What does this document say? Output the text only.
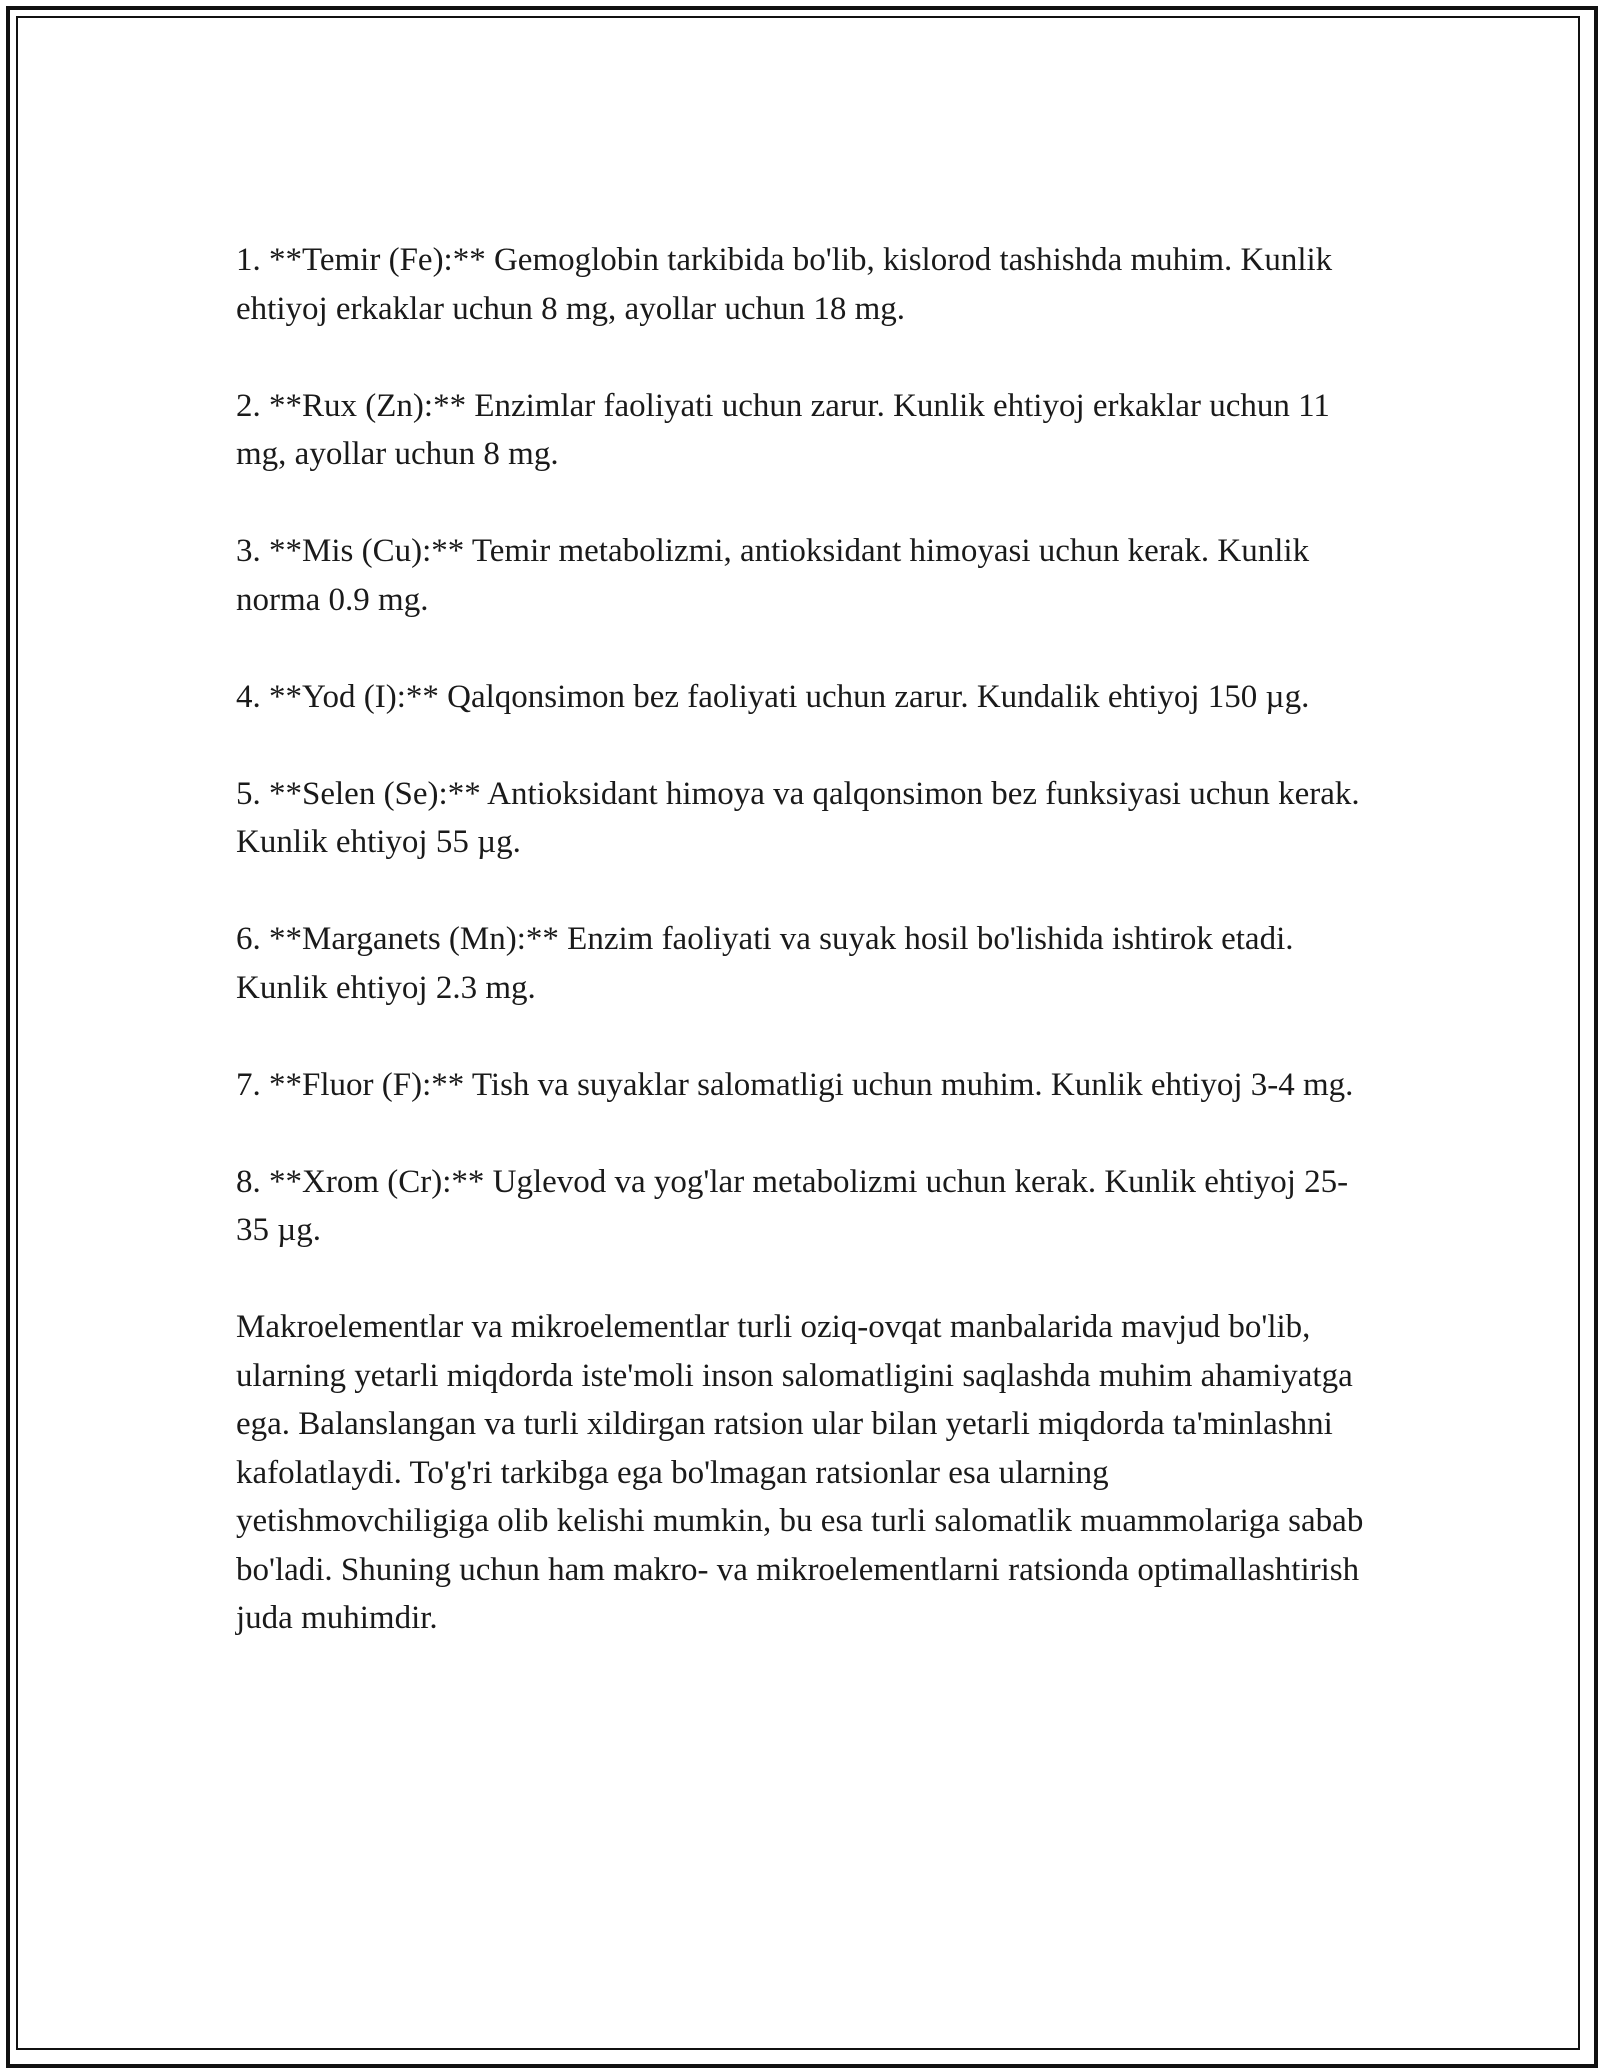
1. **Temir (Fe):** Gemoglobin tarkibida bo'lib, kislorod tashishda muhim. Kunlik ehtiyoj erkaklar uchun 8 mg, ayollar uchun 18 mg.

2. **Rux (Zn):** Enzimlar faoliyati uchun zarur. Kunlik ehtiyoj erkaklar uchun 11 mg, ayollar uchun 8 mg.

3. **Mis (Cu):** Temir metabolizmi, antioksidant himoyasi uchun kerak. Kunlik norma 0.9 mg.

4. **Yod (I):** Qalqonsimon bez faoliyati uchun zarur. Kundalik ehtiyoj 150 µg.

5. **Selen (Se):** Antioksidant himoya va qalqonsimon bez funksiyasi uchun kerak. Kunlik ehtiyoj 55 µg.

6. **Marganets (Mn):** Enzim faoliyati va suyak hosil bo'lishida ishtirok etadi. Kunlik ehtiyoj 2.3 mg.

7. **Fluor (F):** Tish va suyaklar salomatligi uchun muhim. Kunlik ehtiyoj 3-4 mg.

8. **Xrom (Cr):** Uglevod va yog'lar metabolizmi uchun kerak. Kunlik ehtiyoj 25-35 µg.

Makroelementlar va mikroelementlar turli oziq-ovqat manbalarida mavjud bo'lib, ularning yetarli miqdorda iste'moli inson salomatligini saqlashda muhim ahamiyatga ega. Balanslangan va turli xildirgan ratsion ular bilan yetarli miqdorda ta'minlashni kafolatlaydi. To'g'ri tarkibga ega bo'lmagan ratsionlar esa ularning yetishmovchiligiga olib kelishi mumkin, bu esa turli salomatlik muammolariga sabab bo'ladi. Shuning uchun ham makro- va mikroelementlarni ratsionda optimallashtirish juda muhimdir.
